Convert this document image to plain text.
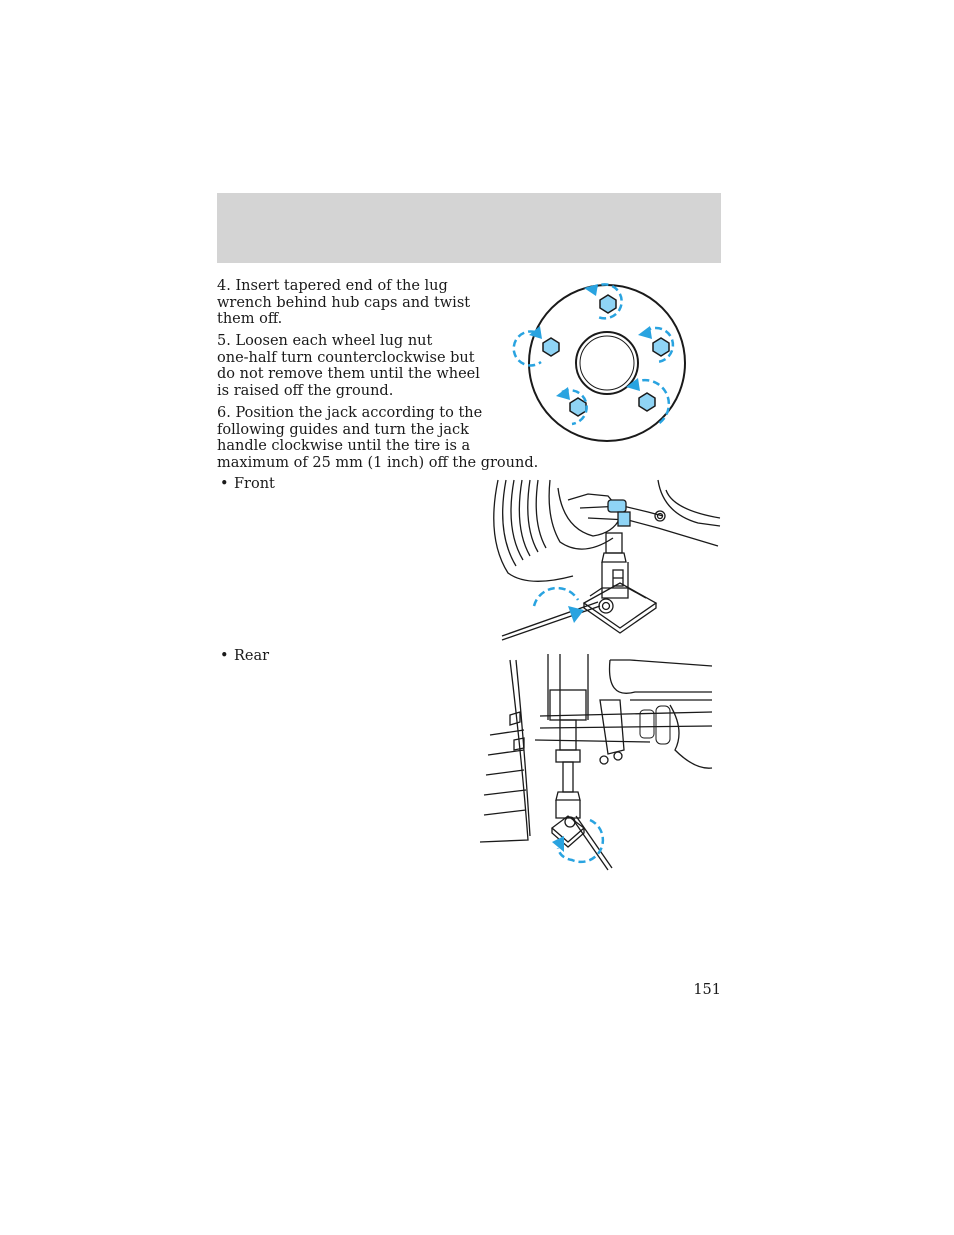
4. Insert tapered end of the lug
wrench behind hub caps and twist
them off.

5. Loosen each wheel lug nut
one-half turn counterclockwise but
do not remove them until the wheel
is raised off the ground.

6. Position the jack according to the
following guides and turn the jack
handle clockwise until the tire is a
maximum of 25 mm (1 inch) off the ground.

• Front
• Rear
151
